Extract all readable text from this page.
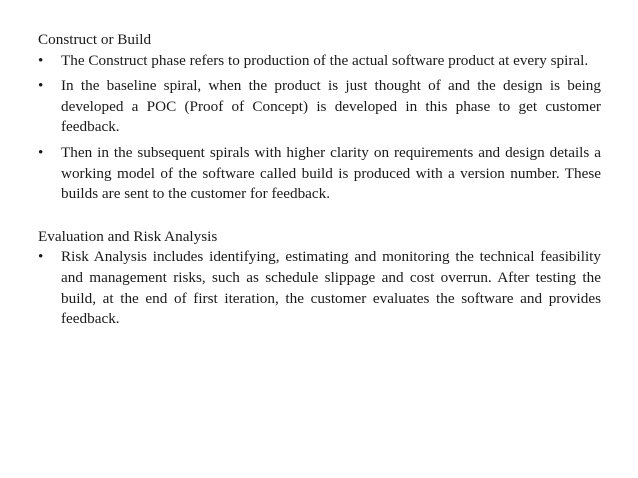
Construct or Build
• The Construct phase refers to production of the actual software product at every spiral.
• In the baseline spiral, when the product is just thought of and the design is being developed a POC (Proof of Concept) is developed in this phase to get customer feedback.
• Then in the subsequent spirals with higher clarity on requirements and design details a working model of the software called build is produced with a version number. These builds are sent to the customer for feedback.
Evaluation and Risk Analysis
• Risk Analysis includes identifying, estimating and monitoring the technical feasibility and management risks, such as schedule slippage and cost overrun. After testing the build, at the end of first iteration, the customer evaluates the software and provides feedback.
